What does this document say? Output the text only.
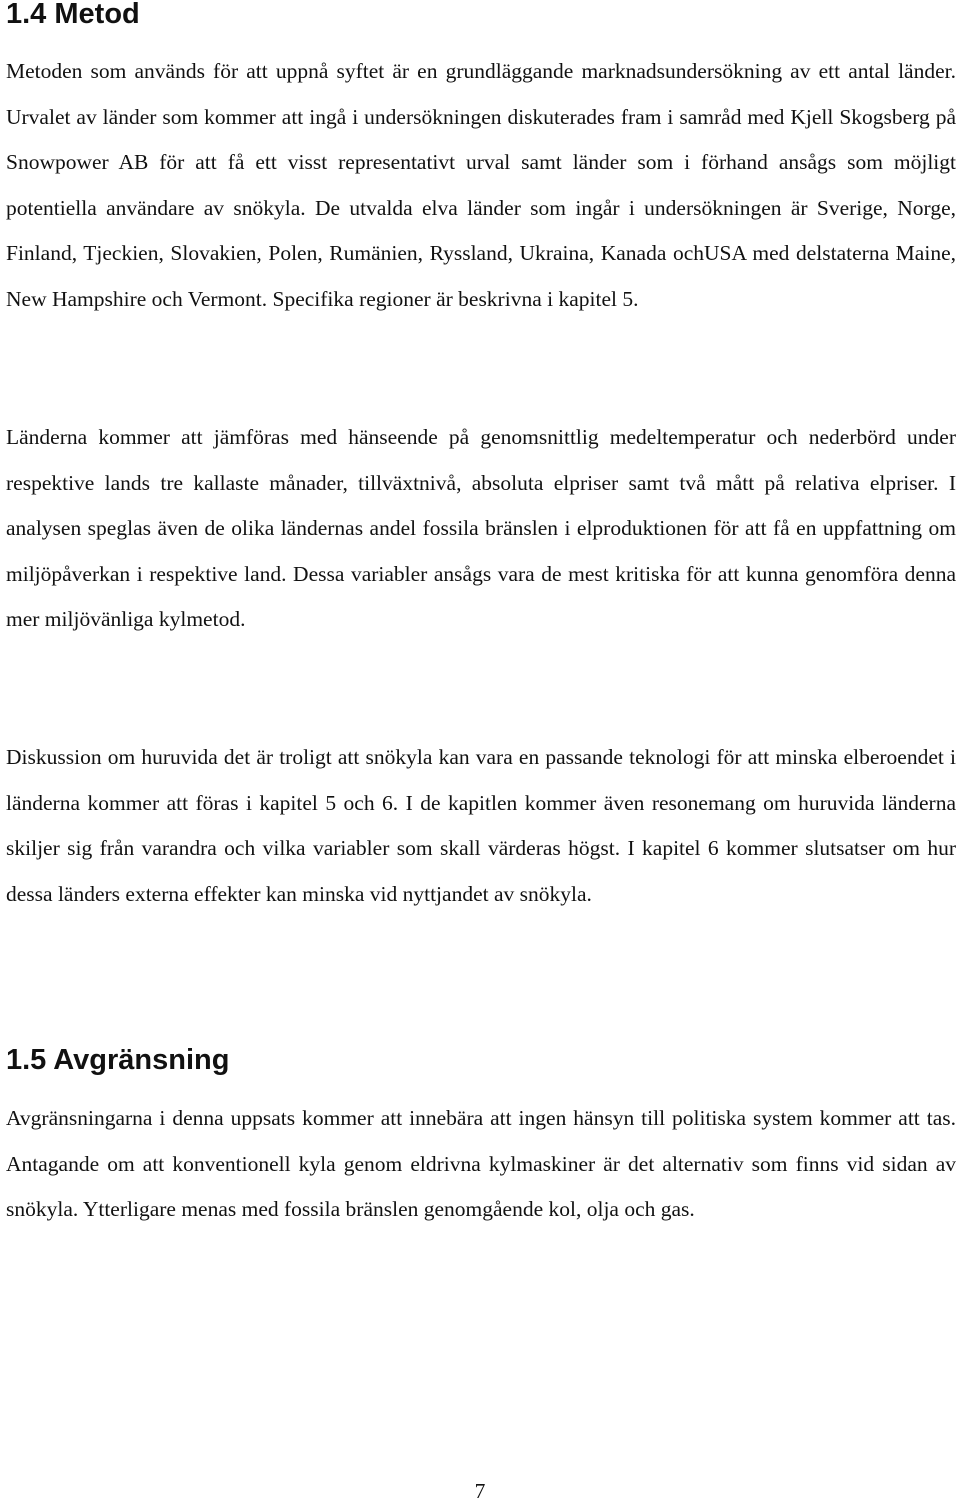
1.4 Metod

Metoden som används för att uppnå syftet är en grundläggande marknadsundersökning av ett antal länder. Urvalet av länder som kommer att ingå i undersökningen diskuterades fram i samråd med Kjell Skogsberg på Snowpower AB för att få ett visst representativt urval samt länder som i förhand ansågs som möjligt potentiella användare av snökyla. De utvalda elva länder som ingår i undersökningen är Sverige, Norge, Finland, Tjeckien, Slovakien, Polen, Rumänien, Ryssland, Ukraina, Kanada ochUSA med delstaterna Maine, New Hampshire och Vermont. Specifika regioner är beskrivna i kapitel 5.

Länderna kommer att jämföras med hänseende på genomsnittlig medeltemperatur och nederbörd under respektive lands tre kallaste månader, tillväxtnivå, absoluta elpriser samt två mått på relativa elpriser. I analysen speglas även de olika ländernas andel fossila bränslen i elproduktionen för att få en uppfattning om miljöpåverkan i respektive land. Dessa variabler ansågs vara de mest kritiska för att kunna genomföra denna mer miljövänliga kylmetod.

Diskussion om huruvida det är troligt att snökyla kan vara en passande teknologi för att minska elberoendet i länderna kommer att föras i kapitel 5 och 6. I de kapitlen kommer även resonemang om huruvida länderna skiljer sig från varandra och vilka variabler som skall värderas högst. I kapitel 6 kommer slutsatser om hur dessa länders externa effekter kan minska vid nyttjandet av snökyla.

1.5 Avgränsning

Avgränsningarna i denna uppsats kommer att innebära att ingen hänsyn till politiska system kommer att tas. Antagande om att konventionell kyla genom eldrivna kylmaskiner är det alternativ som finns vid sidan av snökyla. Ytterligare menas med fossila bränslen genomgående kol, olja och gas.

7
